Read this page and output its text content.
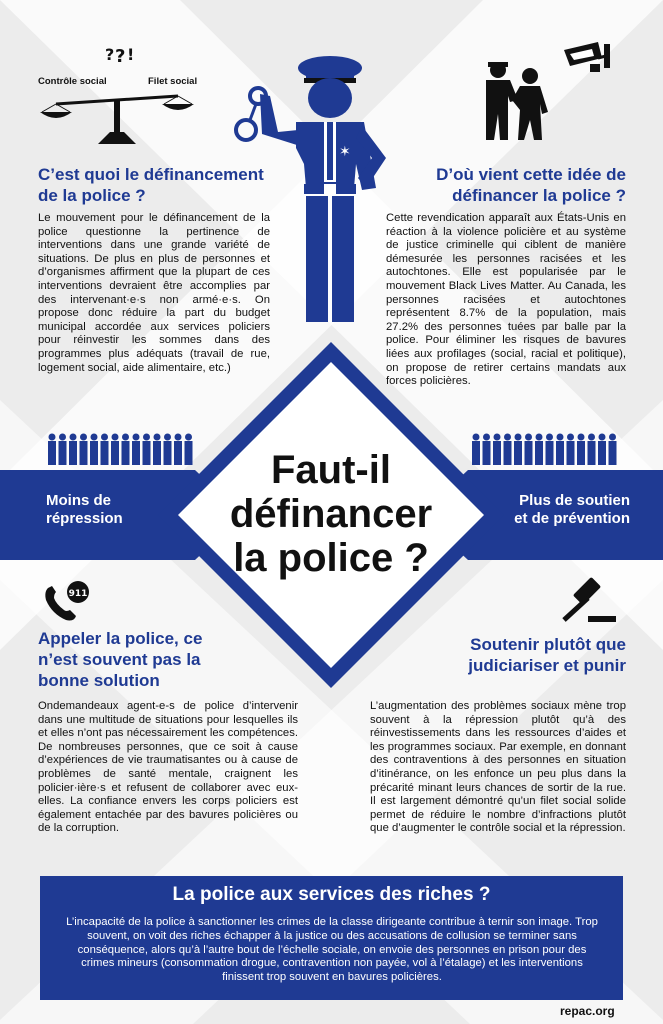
? ? !
Contrôle social	Filet social
C’est quoi le définancement
de la police ?
Le mouvement pour le définancement de la police questionne la pertinence de interventions dans une grande variété de situations. De plus en plus de personnes et d’organismes affirment que la plupart de ces interventions devraient être accomplies par des intervenant·e·s non armé·e·s. On propose donc réduire la part du budget municipal accordée aux services policiers pour réinvestir les sommes dans des programmes plus adéquats (travail de rue, logement social, aide alimentaire, etc.)
✶
D’où vient cette idée de
définancer la police ?
Cette revendication apparaît aux États-Unis en réaction à la violence policière et au système de justice criminelle qui ciblent de manière démesurée les personnes racisées et les autochtones. Elle est popularisée par le mouvement Black Lives Matter. Au Canada, les personnes racisées et autochtones représentent 8.7% de la population, mais 27.2% des personnes tuées par balle par la police. Pour éliminer les risques de bavures liées aux profilages (social, racial et politique), on propose de retirer certains mandats aux forces policières.
Moins de
répression
Plus de soutien
et de prévention
Faut-il
définancer
la police ?
911
Appeler la police, ce
n’est souvent pas la
bonne solution
Ondemandeaux agent-e-s de police d’intervenir dans une multitude de situations pour lesquelles ils et elles n’ont pas nécessairement les compétences. De nombreuses personnes, que ce soit à cause d’expériences de vie traumatisantes ou à cause de problèmes de santé mentale, craignent les policier·ière·s et refusent de collaborer avec eux-elles. La confiance envers les corps policiers est également entachée par des bavures policières ou de la corruption.
Soutenir plutôt que
judiciariser et punir
L’augmentation des problèmes sociaux mène trop souvent à la répression plutôt qu’à des réinvestissements dans les ressources d’aides et les programmes sociaux. Par exemple, en donnant des contraventions à des personnes en situation d’itinérance, on les enfonce un peu plus dans la précarité minant leurs chances de sortir de la rue. Il est largement démontré qu’un filet social solide permet de réduire le nombre d’infractions plutôt que d’augmenter le contrôle social et la répression.
La police aux services des riches ?
L’incapacité de la police à sanctionner les crimes de la classe dirigeante contribue à ternir son image. Trop souvent, on voit des riches échapper à la justice ou des accusations de collusion se terminer sans conséquence, alors qu’à l’autre bout de l’échelle sociale, on envoie des personnes en prison pour des crimes mineurs (consommation drogue, contravention non payée, vol à l’étalage) et les interventions finissent trop souvent en bavures policières.
repac.org
